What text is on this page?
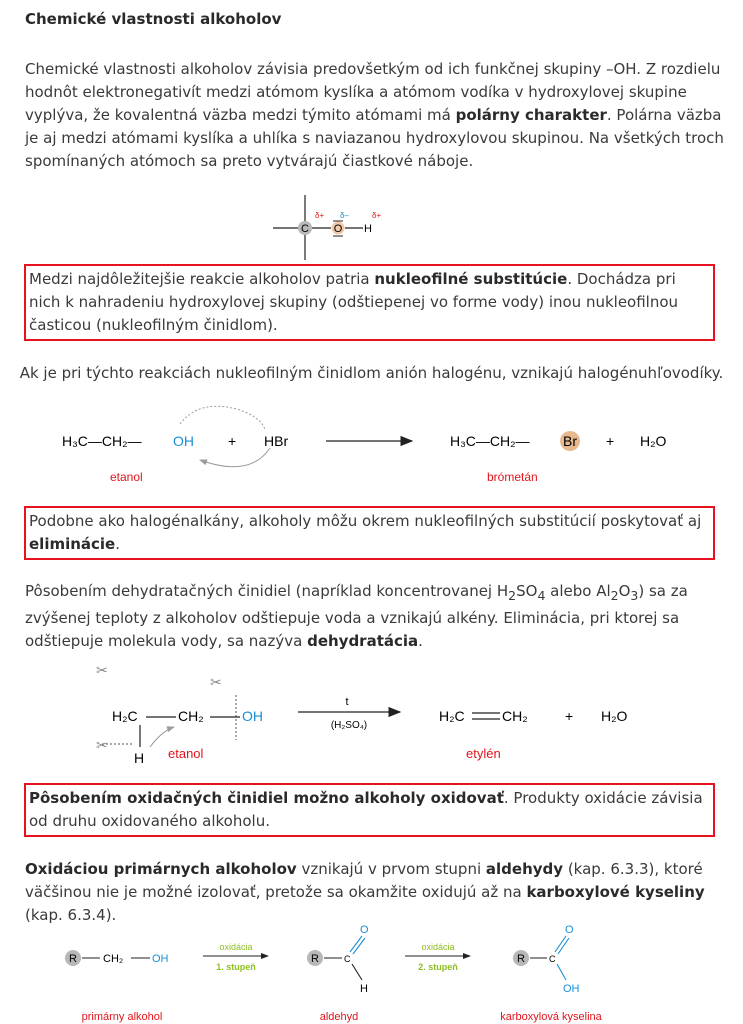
Chemické vlastnosti alkoholov
Chemické vlastnosti alkoholov závisia predovšetkým od ich funkčnej skupiny –OH. Z rozdielu hodnôt elektronegativít medzi atómom kyslíka a atómom vodíka v hydroxylovej skupine vyplýva, že kovalentná väzba medzi týmito atómami má polárny charakter. Polárna väzba je aj medzi atómami kyslíka a uhlíka s naviazanou hydroxylovou skupinou. Na všetkých troch spomínaných atómoch sa preto vytvárajú čiastkové náboje.
C
δ+
O
δ–
H
δ+
Medzi najdôležitejšie reakcie alkoholov patria nukleofilné substitúcie. Dochádza pri nich k nahradeniu hydroxylovej skupiny (odštiepenej vo forme vody) inou nukleofilnou časticou (nukleofilným činidlom).
Ak je pri týchto reakciách nukleofilným činidlom anión halogénu, vznikajú halogénuhľovodíky.
H₃C—CH₂— OH + HBr	H₃C—CH₂— Br + H₂O
etanol	brómetán
Podobne ako halogénalkány, alkoholy môžu okrem nukleofilných substitúcií poskytovať aj eliminácie.
Pôsobením dehydratačných činidiel (napríklad koncentrovanej $H_2SO_4$ alebo $Al_2O_3$) sa za zvýšenej teploty z alkoholov odštiepuje voda a vznikajú alkény. Eliminácia, pri ktorej sa odštiepuje molekula vody, sa nazýva dehydratácia.
✂
✂
✂
H₂C	CH₂	OH
H etanol
t
(H₂SO₄)
H₂C	CH₂	+ H₂O
etylén
Pôsobením oxidačných činidiel možno alkoholy oxidovať. Produkty oxidácie závisia od druhu oxidovaného alkoholu.
Oxidáciou primárnych alkoholov vznikajú v prvom stupni aldehydy (kap. 6.3.3), ktoré väčšinou nie je možné izolovať, pretože sa okamžite oxidujú až na karboxylové kyseliny (kap. 6.3.4).
R CH₂	OH
oxidácia
1. stupeň
R	C
O
H
oxidácia
2. stupeň
R	C
O
OH
primárny alkohol	aldehyd	karboxylová kyselina
